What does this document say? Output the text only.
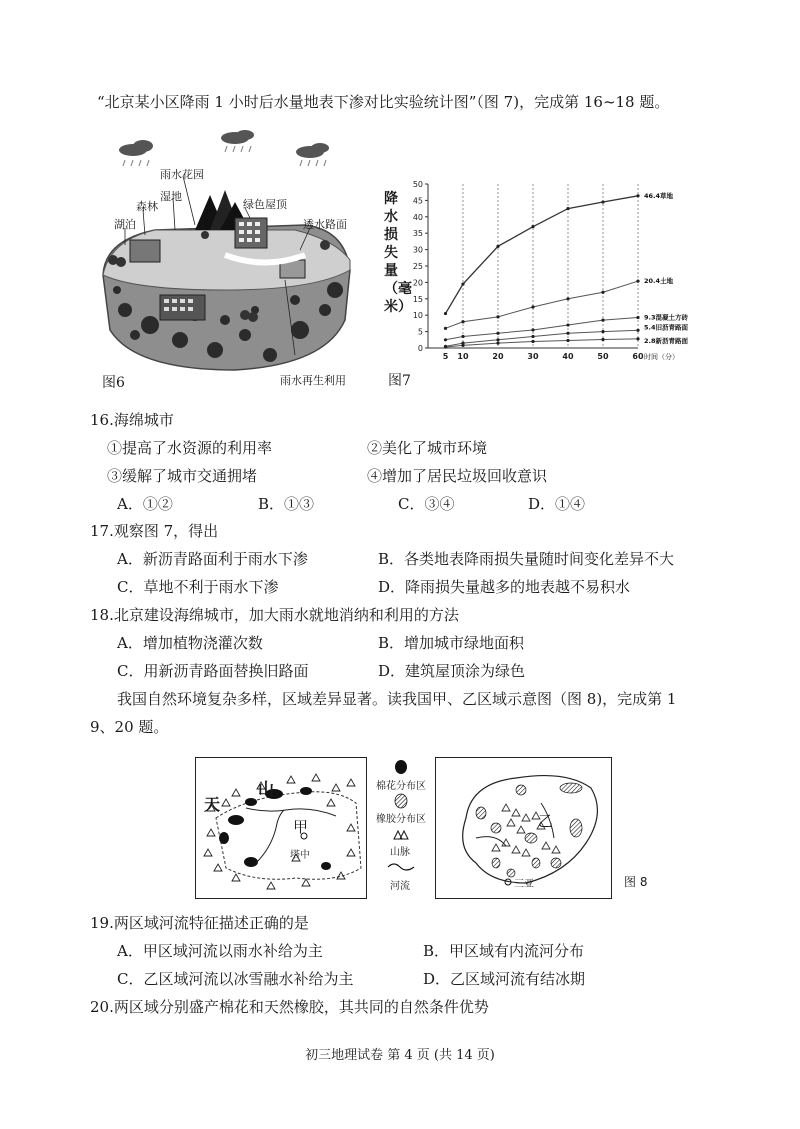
“北京某小区降雨 1 小时后水量地表下渗对比实验统计图”（图 7)，完成第 16~18 题。
雨水花园
森林
湿地
绿色屋顶
湖泊	透水路面
雨水再生利用
图6	图7
降水损失量（毫米）
0
5
10
15
20
25
30
35
40
45
50
5 10	20	30	40	50	60 时间（分）
46.4草地
20.4土地
9.3混凝土方砖
5.4旧沥青路面
2.8新沥青路面
16.海绵城市
①提高了水资源的利用率	②美化了城市环境
③缓解了城市交通拥堵	④增加了居民垃圾回收意识
A．①②	B．①③	C．③④	D．①④
17.观察图 7，得出
A．新沥青路面利于雨水下渗	B．各类地表降雨损失量随时间变化差异不大
C．草地不利于雨水下渗	D．降雨损失量越多的地表越不易积水
18.北京建设海绵城市，加大雨水就地消纳和利用的方法
A．增加植物浇灌次数	B．增加城市绿地面积
C．用新沥青路面替换旧路面	D．建筑屋顶涂为绿色
我国自然环境复杂多样，区域差异显著。读我国甲、乙区域示意图（图 8)，完成第 1
9、20 题。
天
山
甲
塔中
棉花分布区
橡胶分布区
山脉
河流
乙
三亚	图 8
19.两区域河流特征描述正确的是
A．甲区域河流以雨水补给为主	B．甲区域有内流河分布
C．乙区域河流以冰雪融水补给为主	D．乙区域河流有结冰期
20.两区域分别盛产棉花和天然橡胶，其共同的自然条件优势
初三地理试卷 第 4 页 (共 14 页)
